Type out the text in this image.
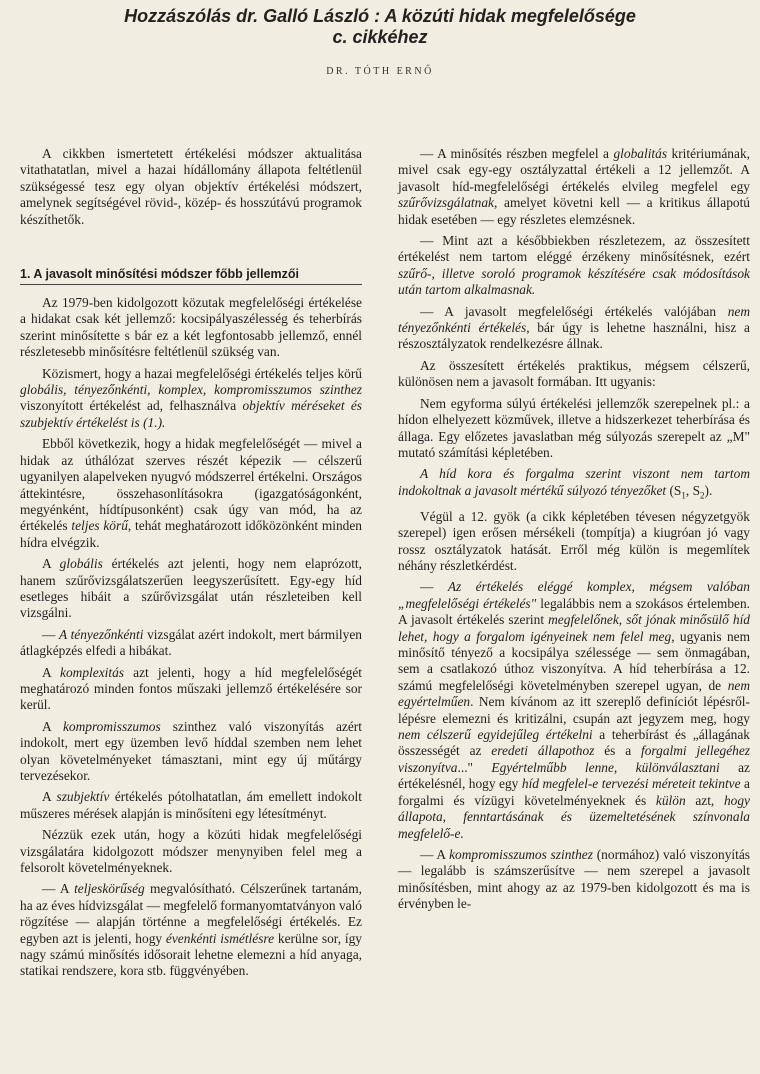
Hozzászólás dr. Galló László : A közúti hidak megfelelősége
c. cikkéhez
DR. TÓTH ERNŐ

A cikkben ismertetett értékelési módszer aktualitása vitathatatlan, mivel a hazai hídállomány állapota feltétlenül szükségessé tesz egy olyan objektív értékelési módszert, amelynek segítségével rövid-, közép- és hosszútávú programok készíthetők.

1. A javasolt minősítési módszer főbb jellemzői

Az 1979-ben kidolgozott közutak megfelelőségi értékelése a hidakat csak két jellemző: kocsipályaszélesség és teherbírás szerint minősítette s bár ez a két legfontosabb jellemző, ennél részletesebb minősítésre feltétlenül szükség van.

Közismert, hogy a hazai megfelelőségi értékelés teljes körű globális, tényezőnkénti, komplex, kompromisszumos szinthez viszonyított értékelést ad, felhasználva objektív méréseket és szubjektív értékelést is (1.).

Ebből következik, hogy a hidak megfelelőségét — mivel a hidak az úthálózat szerves részét képezik — célszerű ugyanilyen alapelveken nyugvó módszerrel értékelni. Országos áttekintésre, összehasonlításokra (igazgatóságonként, megyénként, hídtípusonként) csak úgy van mód, ha az értékelés teljes körű, tehát meghatározott időközönként minden hídra elvégzik.

A globális értékelés azt jelenti, hogy nem elaprózott, hanem szűrővizsgálatszerűen leegyszerűsített. Egy-egy híd esetleges hibáit a szűrővizsgálat után részleteiben kell vizsgálni.

— A tényezőnkénti vizsgálat azért indokolt, mert bármilyen átlagképzés elfedi a hibákat.

A komplexitás azt jelenti, hogy a híd megfelelőségét meghatározó minden fontos műszaki jellemző értékelésére sor kerül.

A kompromisszumos szinthez való viszonyítás azért indokolt, mert egy üzemben levő híddal szemben nem lehet olyan követelményeket támasztani, mint egy új műtárgy tervezésekor.

A szubjektív értékelés pótolhatatlan, ám emellett indokolt műszeres mérések alapján is minősíteni egy létesítményt.

Nézzük ezek után, hogy a közúti hidak megfelelőségi vizsgálatára kidolgozott módszer menynyiben felel meg a felsorolt követelményeknek.

— A teljeskörűség megvalósítható. Célszerűnek tartanám, ha az éves hídvizsgálat — megfelelő formanyomtatványon való rögzítése — alapján történne a megfelelőségi értékelés. Ez egyben azt is jelenti, hogy évenkénti ismétlésre kerülne sor, így nagy számú minősítés idősorait lehetne elemezni a híd anyaga, statikai rendszere, kora stb. függvényében.

— A minősítés részben megfelel a globalitás kritériumának, mivel csak egy-egy osztályzattal értékeli a 12 jellemzőt. A javasolt híd-megfelelőségi értékelés elvileg megfelel egy szűrővizsgálatnak, amelyet követni kell — a kritikus állapotú hidak esetében — egy részletes elemzésnek.

— Mint azt a későbbiekben részletezem, az összesített értékelést nem tartom eléggé érzékeny minősítésnek, ezért szűrő-, illetve soroló programok készítésére csak módosítások után tartom alkalmasnak.

— A javasolt megfelelőségi értékelés valójában nem tényezőnkénti értékelés, bár úgy is lehetne használni, hisz a részosztályzatok rendelkezésre állnak.

Az összesített értékelés praktikus, mégsem célszerű, különösen nem a javasolt formában. Itt ugyanis:

Nem egyforma súlyú értékelési jellemzők szerepelnek pl.: a hídon elhelyezett közművek, illetve a hidszerkezet teherbírása és állaga. Egy előzetes javaslatban még súlyozás szerepelt az „M" mutató számítási képletében.

A híd kora és forgalma szerint viszont nem tartom indokoltnak a javasolt mértékű súlyozó tényezőket ($S_1$, $S_2$).

Végül a 12. gyök (a cikk képletében tévesen négyzetgyök szerepel) igen erősen mérsékeli (tompítja) a kiugróan jó vagy rossz osztályzatok hatását. Erről még külön is megemlítek néhány részletkérdést.

— Az értékelés eléggé komplex, mégsem valóban „megfelelőségi értékelés" legalábbis nem a szokásos értelemben. A javasolt értékelés szerint megfelelőnek, sőt jónak minősülő híd lehet, hogy a forgalom igényeinek nem felel meg, ugyanis nem minősítő tényező a kocsipálya szélessége — sem önmagában, sem a csatlakozó úthoz viszonyítva. A híd teherbírása a 12. számú megfelelőségi követelményben szerepel ugyan, de nem egyértelműen. Nem kívánom az itt szereplő definíciót lépésről-lépésre elemezni és kritizálni, csupán azt jegyzem meg, hogy nem célszerű egyidejűleg értékelni a teherbírást és „állagának összességét az eredeti állapothoz és a forgalmi jellegéhez viszonyítva..." Egyértelműbb lenne, különválasztani az értékelésnél, hogy egy híd megfelel-e tervezési méreteit tekintve a forgalmi és vízügyi követelményeknek és külön azt, hogy állapota, fenntartásának és üzemeltetésének színvonala megfelelő-e.

— A kompromisszumos szinthez (normához) való viszonyítás — legalább is számszerűsítve — nem szerepel a javasolt minősítésben, mint ahogy az az 1979-ben kidolgozott és ma is érvényben le-
